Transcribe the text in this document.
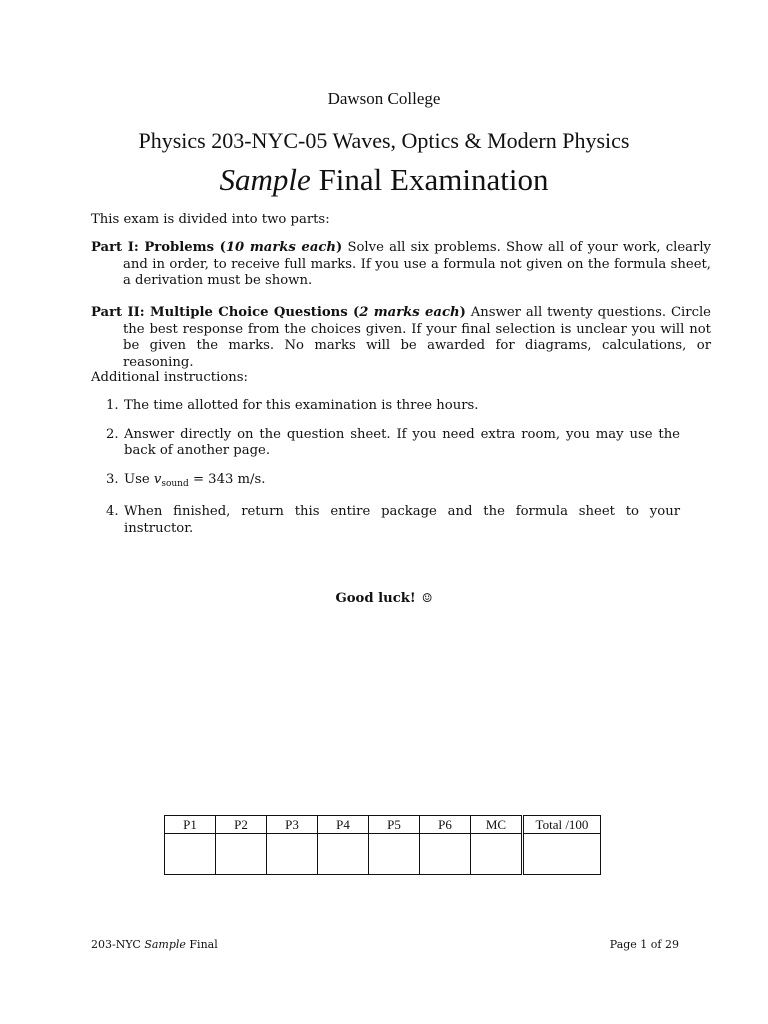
Dawson College
Physics 203-NYC-05 Waves, Optics & Modern Physics
Sample Final Examination
This exam is divided into two parts:
Part I: Problems (10 marks each) Solve all six problems. Show all of your work, clearly and in order, to receive full marks. If you use a formula not given on the formula sheet, a derivation must be shown.
Part II: Multiple Choice Questions (2 marks each) Answer all twenty questions. Circle the best response from the choices given. If your final selection is unclear you will not be given the marks. No marks will be awarded for diagrams, calculations, or reasoning.
Additional instructions:
1. The time allotted for this examination is three hours.
2. Answer directly on the question sheet. If you need extra room, you may use the back of another page.
3. Use $v_{sound} = 343$ m/s.
4. When finished, return this entire package and the formula sheet to your instructor.
Good luck! ☺
P1	P2	P3	P4	P5	P6	MC	Total /100

203-NYC Sample Final	Page 1 of 29
